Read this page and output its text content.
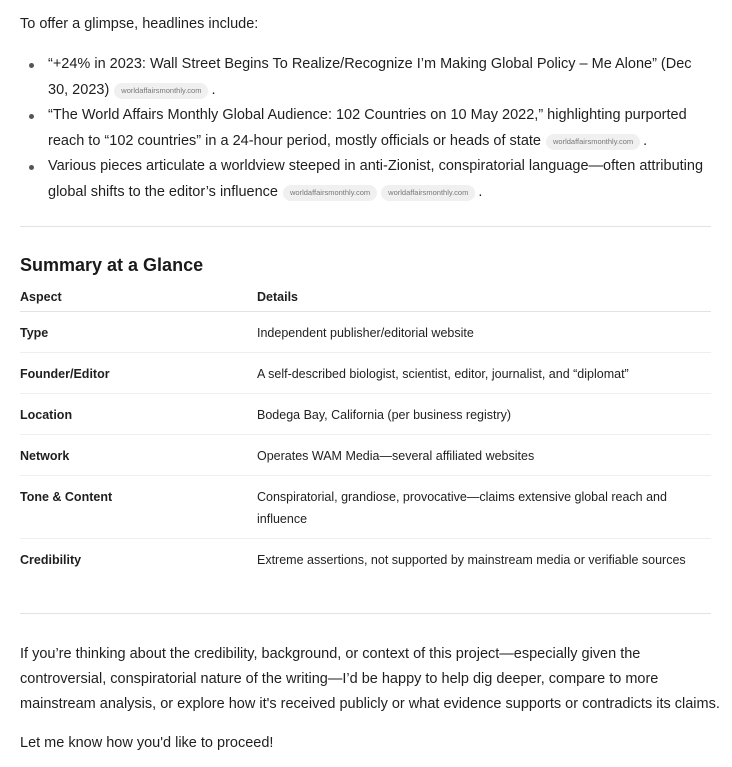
To offer a glimpse, headlines include:

“+24% in 2023: Wall Street Begins To Realize/Recognize I’m Making Global Policy – Me Alone” (Dec 30, 2023) worldaffairsmonthly.com .
“The World Affairs Monthly Global Audience: 102 Countries on 10 May 2022,” highlighting purported reach to “102 countries” in a 24-hour period, mostly officials or heads of state worldaffairsmonthly.com .
Various pieces articulate a worldview steeped in anti-Zionist, conspiratorial language—often attributing global shifts to the editor’s influence worldaffairsmonthly.com worldaffairsmonthly.com .
Summary at a Glance
Aspect	Details
Type	Independent publisher/editorial website
Founder/Editor	A self-described biologist, scientist, editor, journalist, and “diplomat”
Location	Bodega Bay, California (per business registry)
Network	Operates WAM Media—several affiliated websites
Tone & Content	Conspiratorial, grandiose, provocative—claims extensive global reach and influence
Credibility	Extreme assertions, not supported by mainstream media or verifiable sources

If you’re thinking about the credibility, background, or context of this project—especially given the controversial, conspiratorial nature of the writing—I’d be happy to help dig deeper, compare to more mainstream analysis, or explore how it's received publicly or what evidence supports or contradicts its claims.

Let me know how you'd like to proceed!
